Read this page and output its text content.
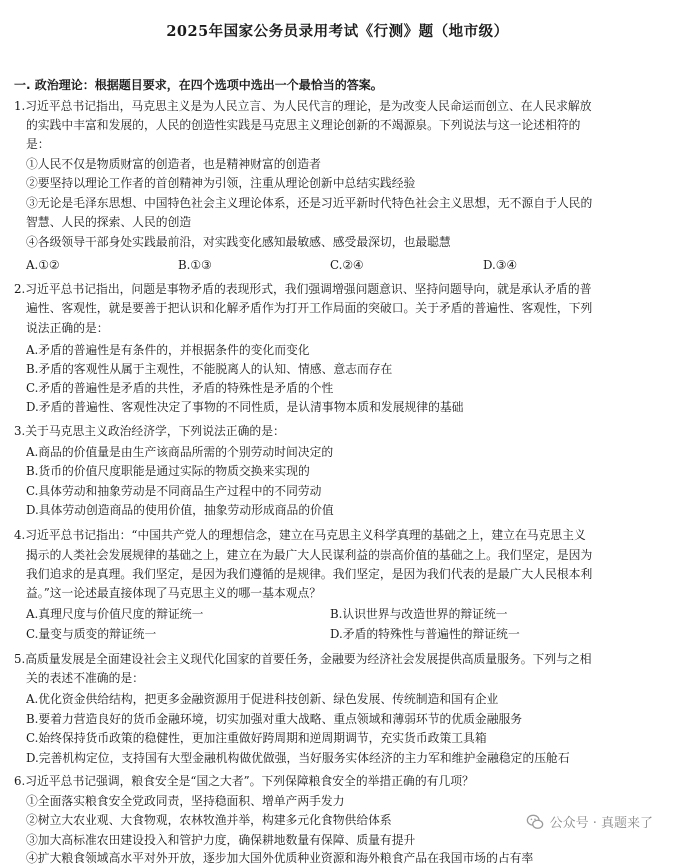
2025年国家公务员录用考试《行测》题（地市级）
一. 政治理论：根据题目要求，在四个选项中选出一个最恰当的答案。
1.习近平总书记指出，马克思主义是为人民立言、为人民代言的理论，是为改变人民命运而创立、在人民求解放
的实践中丰富和发展的，人民的创造性实践是马克思主义理论创新的不竭源泉。下列说法与这一论述相符的
是：
①人民不仅是物质财富的创造者，也是精神财富的创造者
②要坚持以理论工作者的首创精神为引领，注重从理论创新中总结实践经验
③无论是毛泽东思想、中国特色社会主义理论体系，还是习近平新时代特色社会主义思想，无不源自于人民的
智慧、人民的探索、人民的创造
④各级领导干部身处实践最前沿，对实践变化感知最敏感、感受最深切，也最聪慧
A.①②	B.①③	C.②④	D.③④
2.习近平总书记指出，问题是事物矛盾的表现形式，我们强调增强问题意识、坚持问题导向，就是承认矛盾的普
遍性、客观性，就是要善于把认识和化解矛盾作为打开工作局面的突破口。关于矛盾的普遍性、客观性，下列
说法正确的是：
A.矛盾的普遍性是有条件的，并根据条件的变化而变化
B.矛盾的客观性从属于主观性，不能脱离人的认知、情感、意志而存在
C.矛盾的普遍性是矛盾的共性，矛盾的特殊性是矛盾的个性
D.矛盾的普遍性、客观性决定了事物的不同性质，是认清事物本质和发展规律的基础
3.关于马克思主义政治经济学，下列说法正确的是：
A.商品的价值量是由生产该商品所需的个别劳动时间决定的
B.货币的价值尺度职能是通过实际的物质交换来实现的
C.具体劳动和抽象劳动是不同商品生产过程中的不同劳动
D.具体劳动创造商品的使用价值，抽象劳动形成商品的价值
4.习近平总书记指出：“中国共产党人的理想信念，建立在马克思主义科学真理的基础之上，建立在马克思主义
揭示的人类社会发展规律的基础之上，建立在为最广大人民谋利益的崇高价值的基础之上。我们坚定，是因为
我们追求的是真理。我们坚定，是因为我们遵循的是规律。我们坚定，是因为我们代表的是最广大人民根本利
益。”这一论述最直接体现了马克思主义的哪一基本观点？
A.真理尺度与价值尺度的辩证统一	B.认识世界与改造世界的辩证统一
C.量变与质变的辩证统一	D.矛盾的特殊性与普遍性的辩证统一
5.高质量发展是全面建设社会主义现代化国家的首要任务，金融要为经济社会发展提供高质量服务。下列与之相
关的表述不准确的是：
A.优化资金供给结构，把更多金融资源用于促进科技创新、绿色发展、传统制造和国有企业
B.要着力营造良好的货币金融环境，切实加强对重大战略、重点领域和薄弱环节的优质金融服务
C.始终保持货币政策的稳健性，更加注重做好跨周期和逆周期调节，充实货币政策工具箱
D.完善机构定位，支持国有大型金融机构做优做强，当好服务实体经济的主力军和维护金融稳定的压舱石
6.习近平总书记强调，粮食安全是“国之大者”。下列保障粮食安全的举措正确的有几项？
①全面落实粮食安全党政同责，坚持稳面积、增单产两手发力
②树立大农业观、大食物观，农林牧渔并举，构建多元化食物供给体系
③加大高标准农田建设投入和管护力度，确保耕地数量有保障、质量有提升
④扩大粮食领域高水平对外开放，逐步加大国外优质种业资源和海外粮食产品在我国市场的占有率
公众号 · 真题来了
